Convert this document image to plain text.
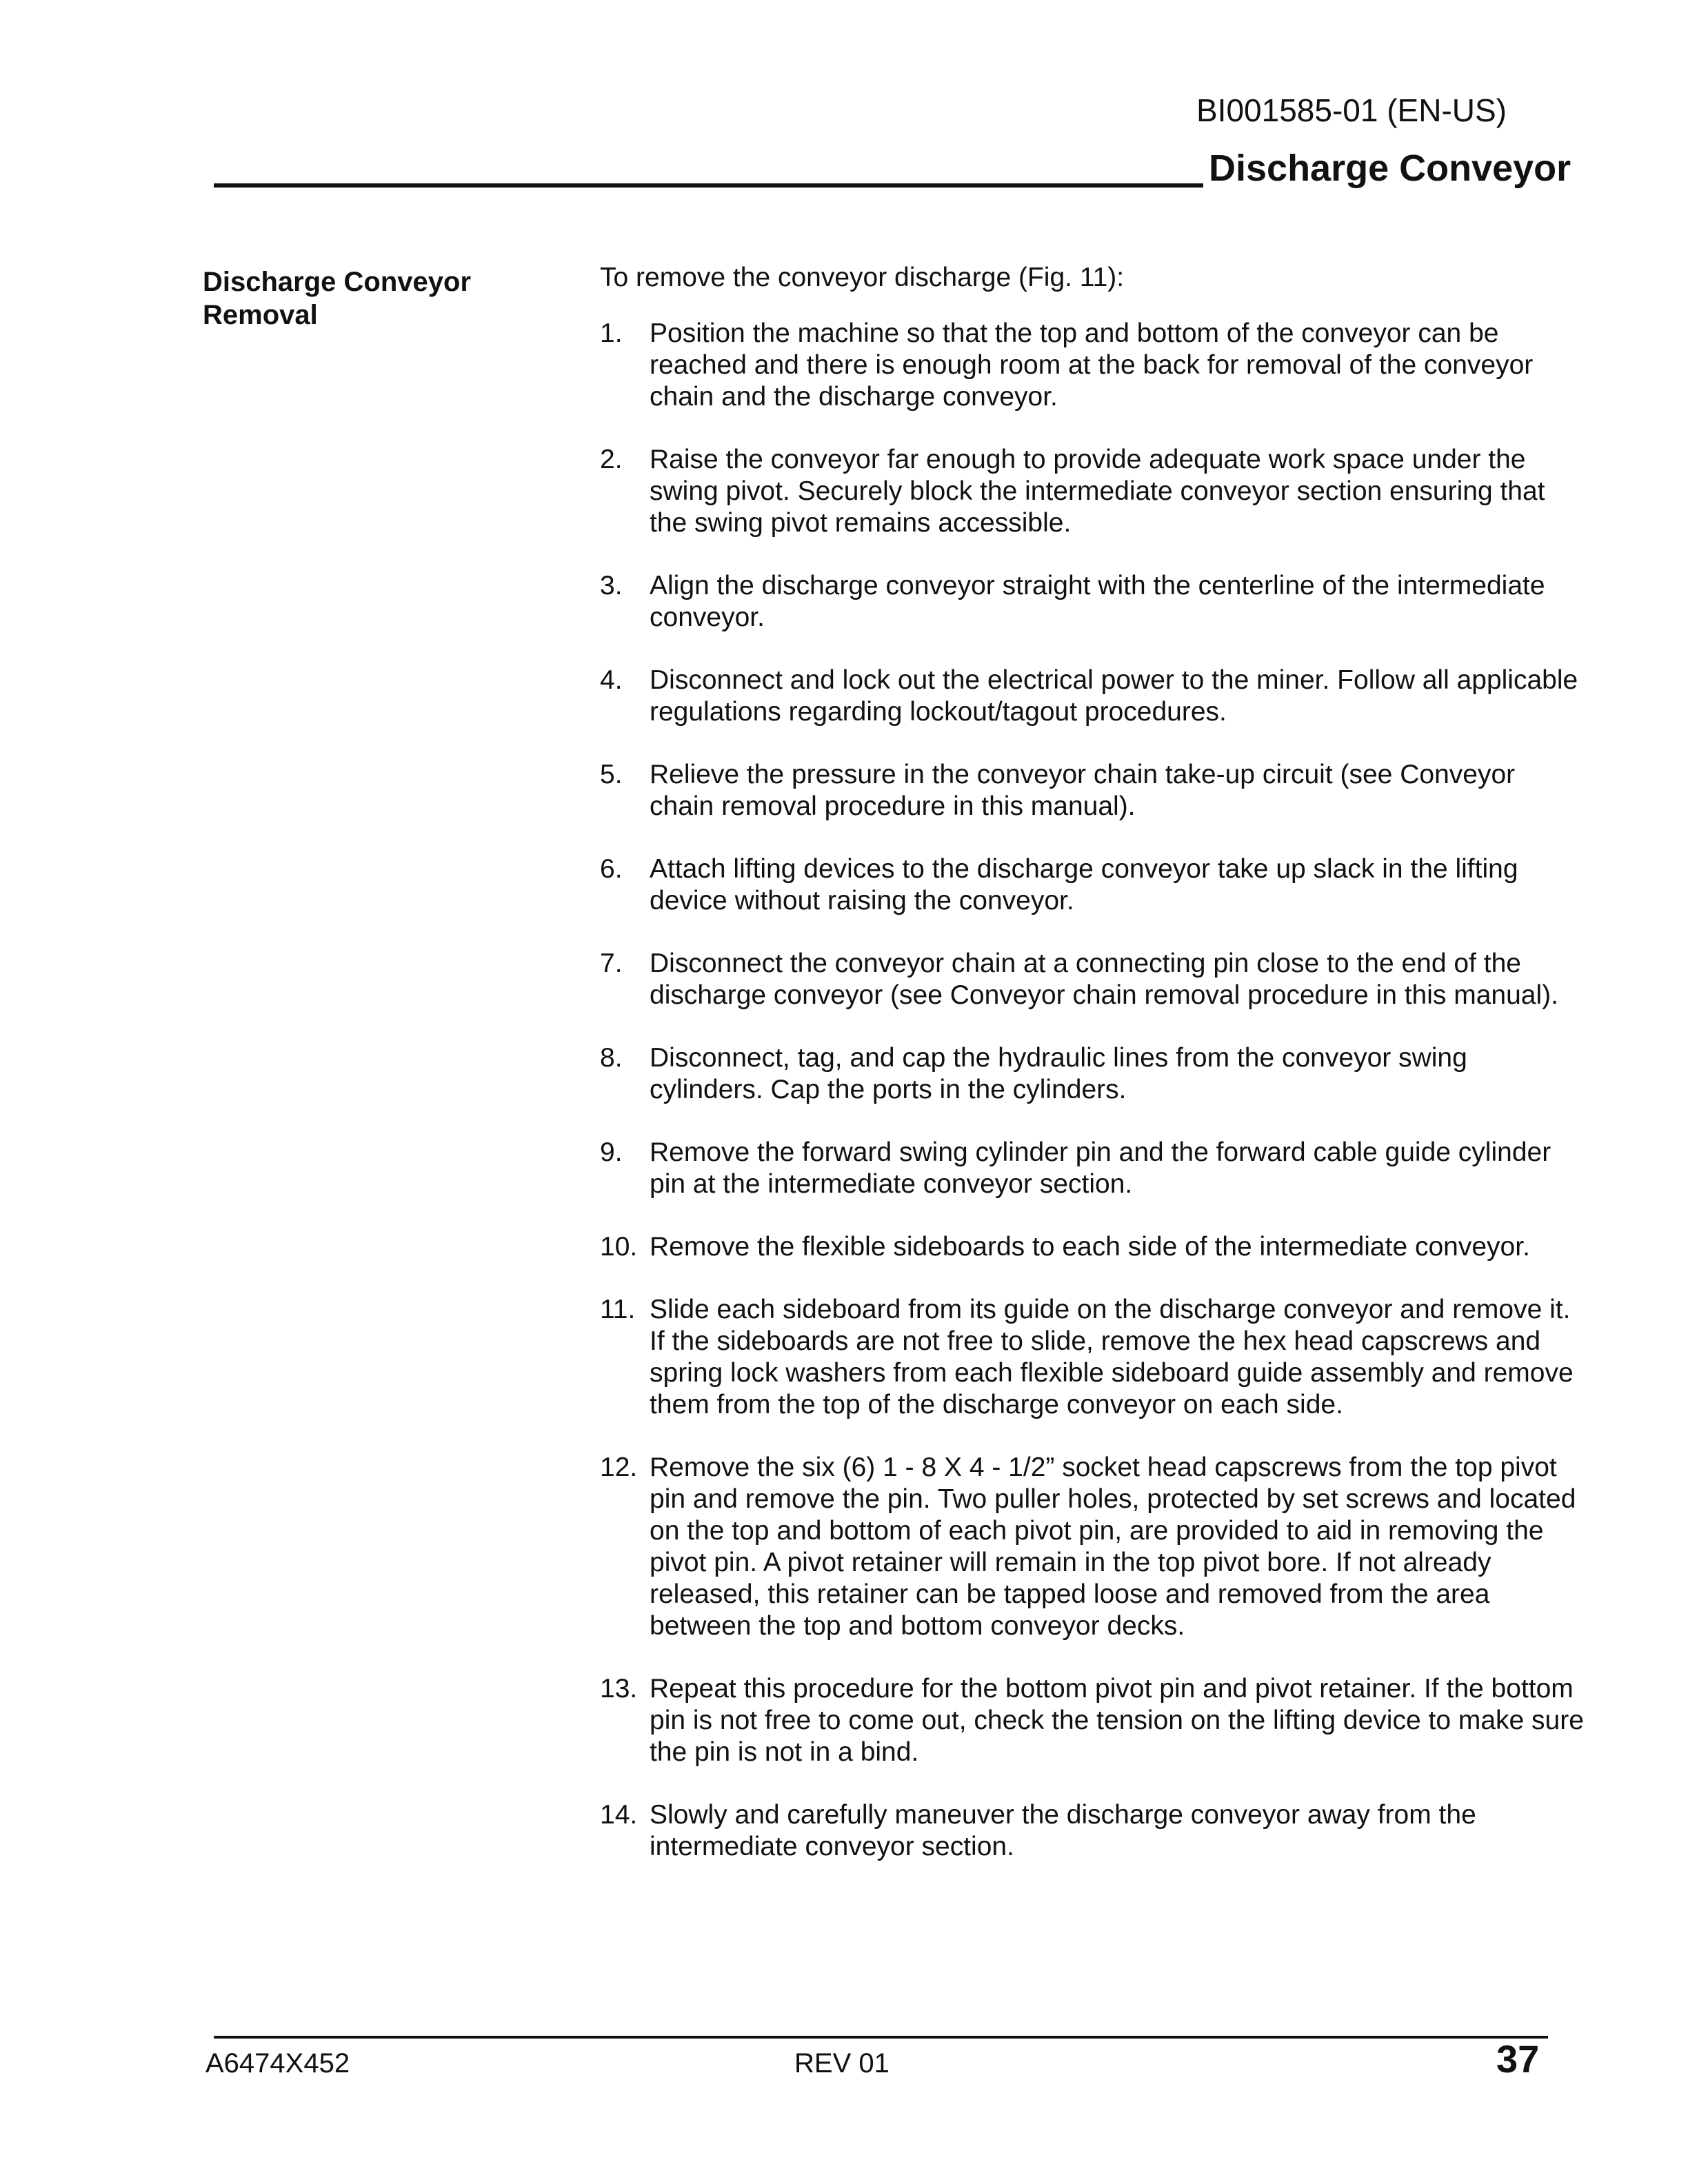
BI001585-01 (EN-US)
Discharge Conveyor
Discharge Conveyor
Removal

To remove the conveyor discharge (Fig. 11):

1.	Position the machine so that the top and bottom of the conveyor can be reached and there is enough room at the back for removal of the conveyor chain and the discharge conveyor.
2.	Raise the conveyor far enough to provide adequate work space under the swing pivot. Securely block the intermediate conveyor section ensuring that the swing pivot remains accessible.
3.	Align the discharge conveyor straight with the centerline of the intermediate conveyor.
4.	Disconnect and lock out the electrical power to the miner. Follow all applicable regulations regarding lockout/tagout procedures.
5.	Relieve the pressure in the conveyor chain take-up circuit (see Conveyor chain removal procedure in this manual).
6.	Attach lifting devices to the discharge conveyor take up slack in the lifting device without raising the conveyor.
7.	Disconnect the conveyor chain at a connecting pin close to the end of the discharge conveyor (see Conveyor chain removal procedure in this manual).
8.	Disconnect, tag, and cap the hydraulic lines from the conveyor swing cylinders. Cap the ports in the cylinders.
9.	Remove the forward swing cylinder pin and the forward cable guide cylinder pin at the intermediate conveyor section.
10. Remove the flexible sideboards to each side of the intermediate conveyor.
11. Slide each sideboard from its guide on the discharge conveyor and remove it. If the sideboards are not free to slide, remove the hex head capscrews and spring lock washers from each flexible sideboard guide assembly and remove them from the top of the discharge conveyor on each side.
12. Remove the six (6) 1 - 8 X 4 - 1/2” socket head capscrews from the top pivot pin and remove the pin. Two puller holes, protected by set screws and located on the top and bottom of each pivot pin, are provided to aid in removing the pivot pin. A pivot retainer will remain in the top pivot bore. If not already released, this retainer can be tapped loose and removed from the area between the top and bottom conveyor decks.
13. Repeat this procedure for the bottom pivot pin and pivot retainer. If the bottom pin is not free to come out, check the tension on the lifting device to make sure the pin is not in a bind.
14. Slowly and carefully maneuver the discharge conveyor away from the intermediate conveyor section.
A6474X452	REV 01	37
